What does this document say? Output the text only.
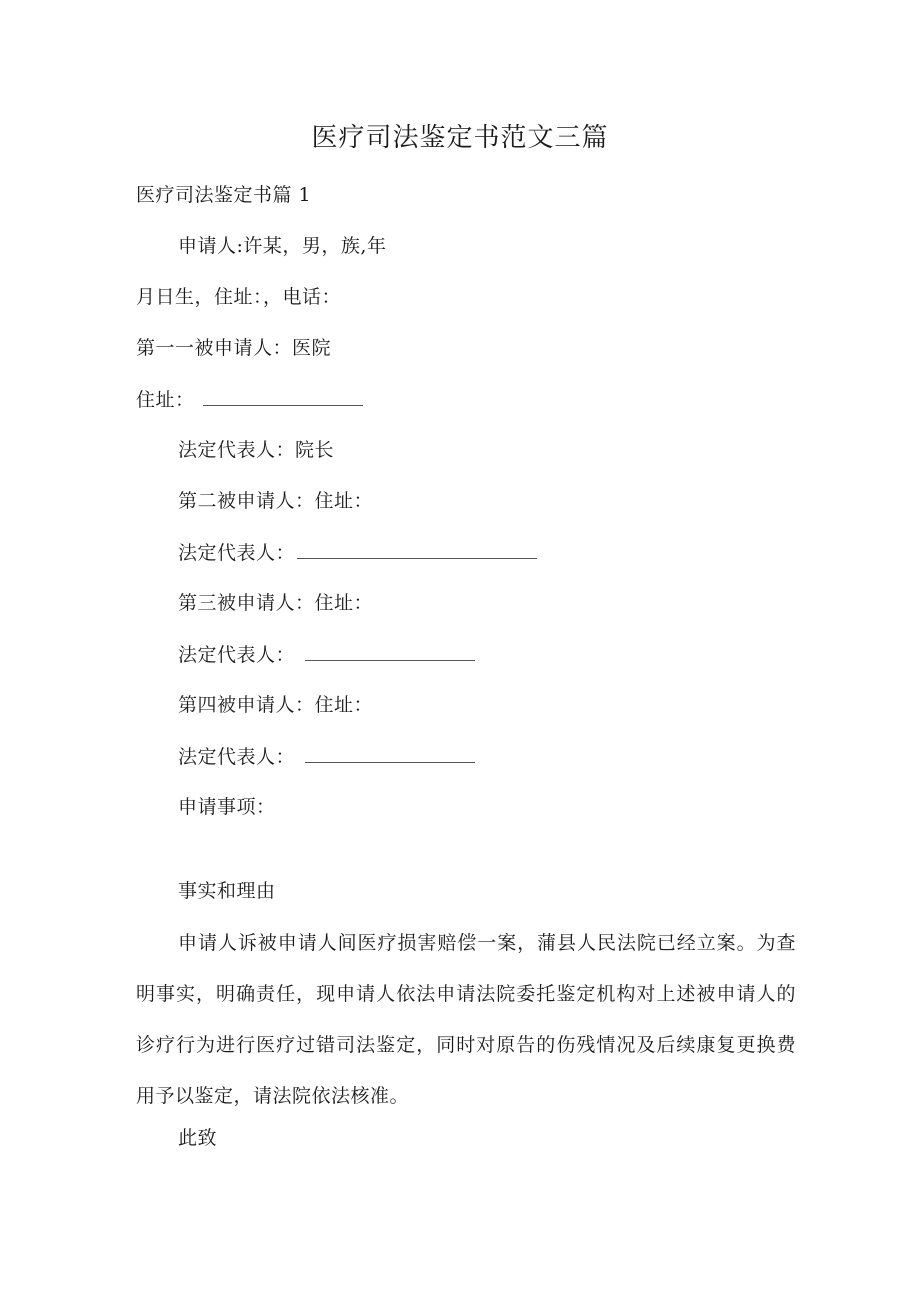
医疗司法鉴定书范文三篇
医疗司法鉴定书篇 1
申请人:许某，男，族,年
月日生，住址：，电话：
第一一被申请人：医院
住址：
法定代表人：院长
第二被申请人：住址：
法定代表人：
第三被申请人：住址：
法定代表人：
第四被申请人：住址：
法定代表人：
申请事项：
事实和理由
申请人诉被申请人间医疗损害赔偿一案，蒲县人民法院已经立案。为查明事实，明确责任，现申请人依法申请法院委托鉴定机构对上述被申请人的诊疗行为进行医疗过错司法鉴定，同时对原告的伤残情况及后续康复更换费用予以鉴定，请法院依法核准。
此致
